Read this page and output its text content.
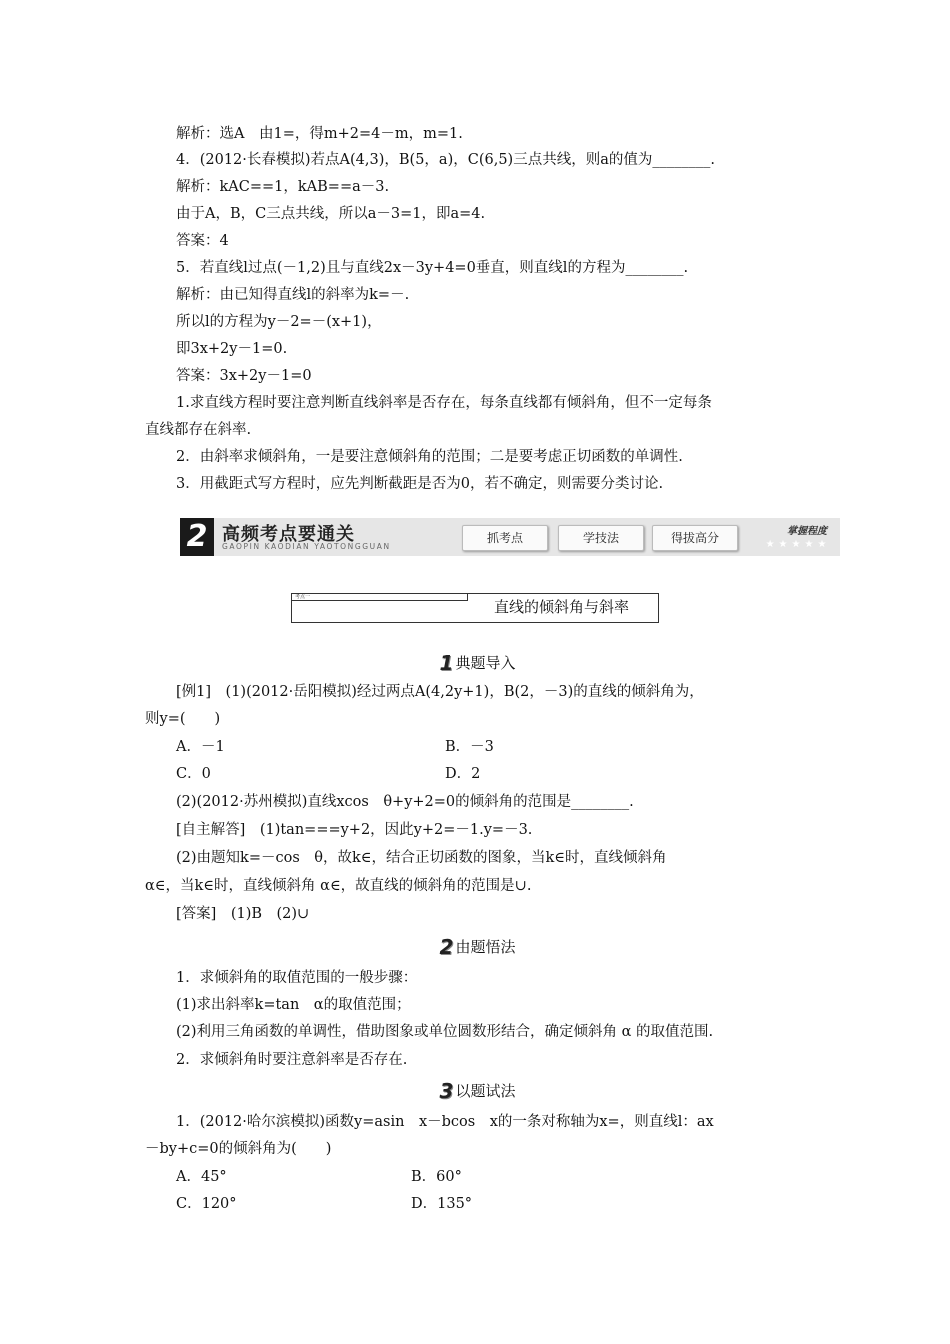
解析：选A　由1=，得m+2=4－m，m=1.
4．(2012·长春模拟)若点A(4,3)，B(5，a)，C(6,5)三点共线，则a的值为________.
解析：kAC==1，kAB==a－3.
由于A，B，C三点共线，所以a－3=1，即a=4.
答案：4
5．若直线l过点(－1,2)且与直线2x－3y+4=0垂直，则直线l的方程为________.
解析：由已知得直线l的斜率为k=－.
所以l的方程为y－2=－(x+1)，
即3x+2y－1=0.
答案：3x+2y－1=0
1.求直线方程时要注意判断直线斜率是否存在，每条直线都有倾斜角，但不一定每条
直线都存在斜率.
2．由斜率求倾斜角，一是要注意倾斜角的范围；二是要考虑正切函数的单调性.
3．用截距式写方程时，应先判断截距是否为0，若不确定，则需要分类讨论.
[例1]　(1)(2012·岳阳模拟)经过两点A(4,2y+1)，B(2，－3)的直线的倾斜角为，
则y=(　　)
A．－1	B．－3
C．0	D．2
(2)(2012·苏州模拟)直线xcos　θ+y+2=0的倾斜角的范围是________.
[自主解答]　(1)tan===y+2，因此y+2=－1.y=－3.
(2)由题知k=－cos　θ，故k∈，结合正切函数的图象，当k∈时，直线倾斜角
α∈，当k∈时，直线倾斜角 α∈，故直线的倾斜角的范围是∪.
[答案]　(1)B　(2)∪
1．求倾斜角的取值范围的一般步骤：
(1)求出斜率k=tan　α的取值范围；
(2)利用三角函数的单调性，借助图象或单位圆数形结合，确定倾斜角 α 的取值范围.
2．求倾斜角时要注意斜率是否存在.
1．(2012·哈尔滨模拟)函数y=asin　x－bcos　x的一条对称轴为x=，则直线l：ax
－by+c=0的倾斜角为(　　)
A．45°	B．60°
C．120°	D．135°
2 高频考点要通关
GAOPIN KAODIAN YAOTONGGUAN
抓考点	学技法	得拔高分	掌握程度
★★★★★
考点一
直线的倾斜角与斜率
1 典题导入
2 由题悟法
3 以题试法
